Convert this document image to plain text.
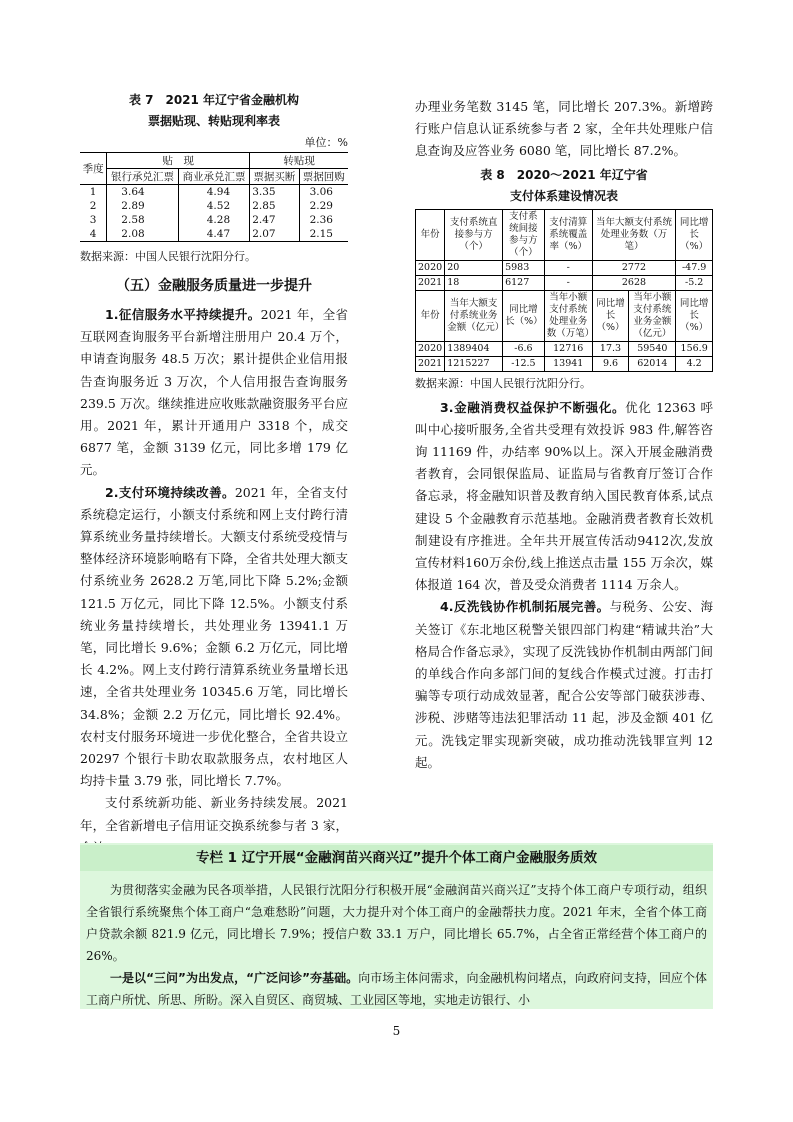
表 7　2021 年辽宁省金融机构
票据贴现、转贴现利率表
单位：%
季度	贴　现		转贴现	
	银行承兑汇票	商业承兑汇票	票据买断	票据回购
1	3.64	4.94	3.35	3.06
2	2.89	4.52	2.85	2.29
3	2.58	4.28	2.47	2.36
4	2.08	4.47	2.07	2.15
数据来源：中国人民银行沈阳分行。
（五）金融服务质量进一步提升

1.征信服务水平持续提升。2021 年，全省互联网查询服务平台新增注册用户 20.4 万个，申请查询服务 48.5 万次；累计提供企业信用报告查询服务近 3 万次，个人信用报告查询服务 239.5 万次。继续推进应收账款融资服务平台应用。2021 年，累计开通用户 3318 个，成交 6877 笔，金额 3139 亿元，同比多增 179 亿元。

2.支付环境持续改善。2021 年，全省支付系统稳定运行，小额支付系统和网上支付跨行清算系统业务量持续增长。大额支付系统受疫情与整体经济环境影响略有下降，全省共处理大额支付系统业务 2628.2 万笔,同比下降 5.2%;金额 121.5 万亿元，同比下降 12.5%。小额支付系统业务量持续增长，共处理业务 13941.1 万笔，同比增长 9.6%；金额 6.2 万亿元，同比增长 4.2%。网上支付跨行清算系统业务量增长迅速，全省共处理业务 10345.6 万笔，同比增长 34.8%；金额 2.2 万亿元，同比增长 92.4%。农村支付服务环境进一步优化整合，全省共设立 20297 个银行卡助农取款服务点，农村地区人均持卡量 3.79 张，同比增长 7.7%。

支付系统新功能、新业务持续发展。2021 年，全省新增电子信用证交换系统参与者 3 家，

办理业务笔数 3145 笔，同比增长 207.3%。新增跨行账户信息认证系统参与者 2 家，全年共处理账户信息查询及应答业务 6080 笔，同比增长 87.2%。

表 8　2020～2021 年辽宁省
支付体系建设情况表
年份	支付系统直接参与方（个）	支付系统间接参与方（个）	支付清算系统覆盖率（%）	当年大额支付系统处理业务数（万笔）		同比增长（%）
2020	20	5983	-	2772		-47.9
2021	18	6127	-	2628		-5.2
年份	当年大额支付系统业务金额（亿元）	同比增长（%）	当年小额支付系统处理业务数（万笔）	同比增长（%）	当年小额支付系统业务金额（亿元）	同比增长（%）
2020	1389404	-6.6	12716	17.3	59540	156.9
2021	1215227	-12.5	13941	9.6	62014	4.2
数据来源：中国人民银行沈阳分行。

3.金融消费权益保护不断强化。优化 12363 呼叫中心接听服务,全省共受理有效投诉 983 件,解答咨询 11169 件，办结率 90%以上。深入开展金融消费者教育，会同银保监局、证监局与省教育厅签订合作备忘录，将金融知识普及教育纳入国民教育体系,试点建设 5 个金融教育示范基地。金融消费者教育长效机制建设有序推进。全年共开展宣传活动9412次,发放宣传材料160万余份,线上推送点击量 155 万余次，媒体报道 164 次，普及受众消费者 1114 万余人。

4.反洗钱协作机制拓展完善。与税务、公安、海关签订《东北地区税警关银四部门构建“精诚共治”大格局合作备忘录》，实现了反洗钱协作机制由两部门间的单线合作向多部门间的复线合作模式过渡。打击打骗等专项行动成效显著，配合公安等部门破获涉毒、涉税、涉赌等违法犯罪活动 11 起，涉及金额 401 亿元。洗钱定罪实现新突破，成功推动洗钱罪宣判 12 起。

专栏 1 辽宁开展“金融润苗兴商兴辽”提升个体工商户金融服务质效

为贯彻落实金融为民各项举措，人民银行沈阳分行积极开展“金融润苗兴商兴辽”支持个体工商户专项行动，组织全省银行系统聚焦个体工商户“急难愁盼”问题，大力提升对个体工商户的金融帮扶力度。2021 年末，全省个体工商户贷款余额 821.9 亿元，同比增长 7.9%；授信户数 33.1 万户，同比增长 65.7%，占全省正常经营个体工商户的 26%。

一是以“三问”为出发点，“广泛问诊”夯基础。向市场主体问需求，向金融机构问堵点，向政府问支持，回应个体工商户所忧、所思、所盼。深入自贸区、商贸城、工业园区等地，实地走访银行、小

5
